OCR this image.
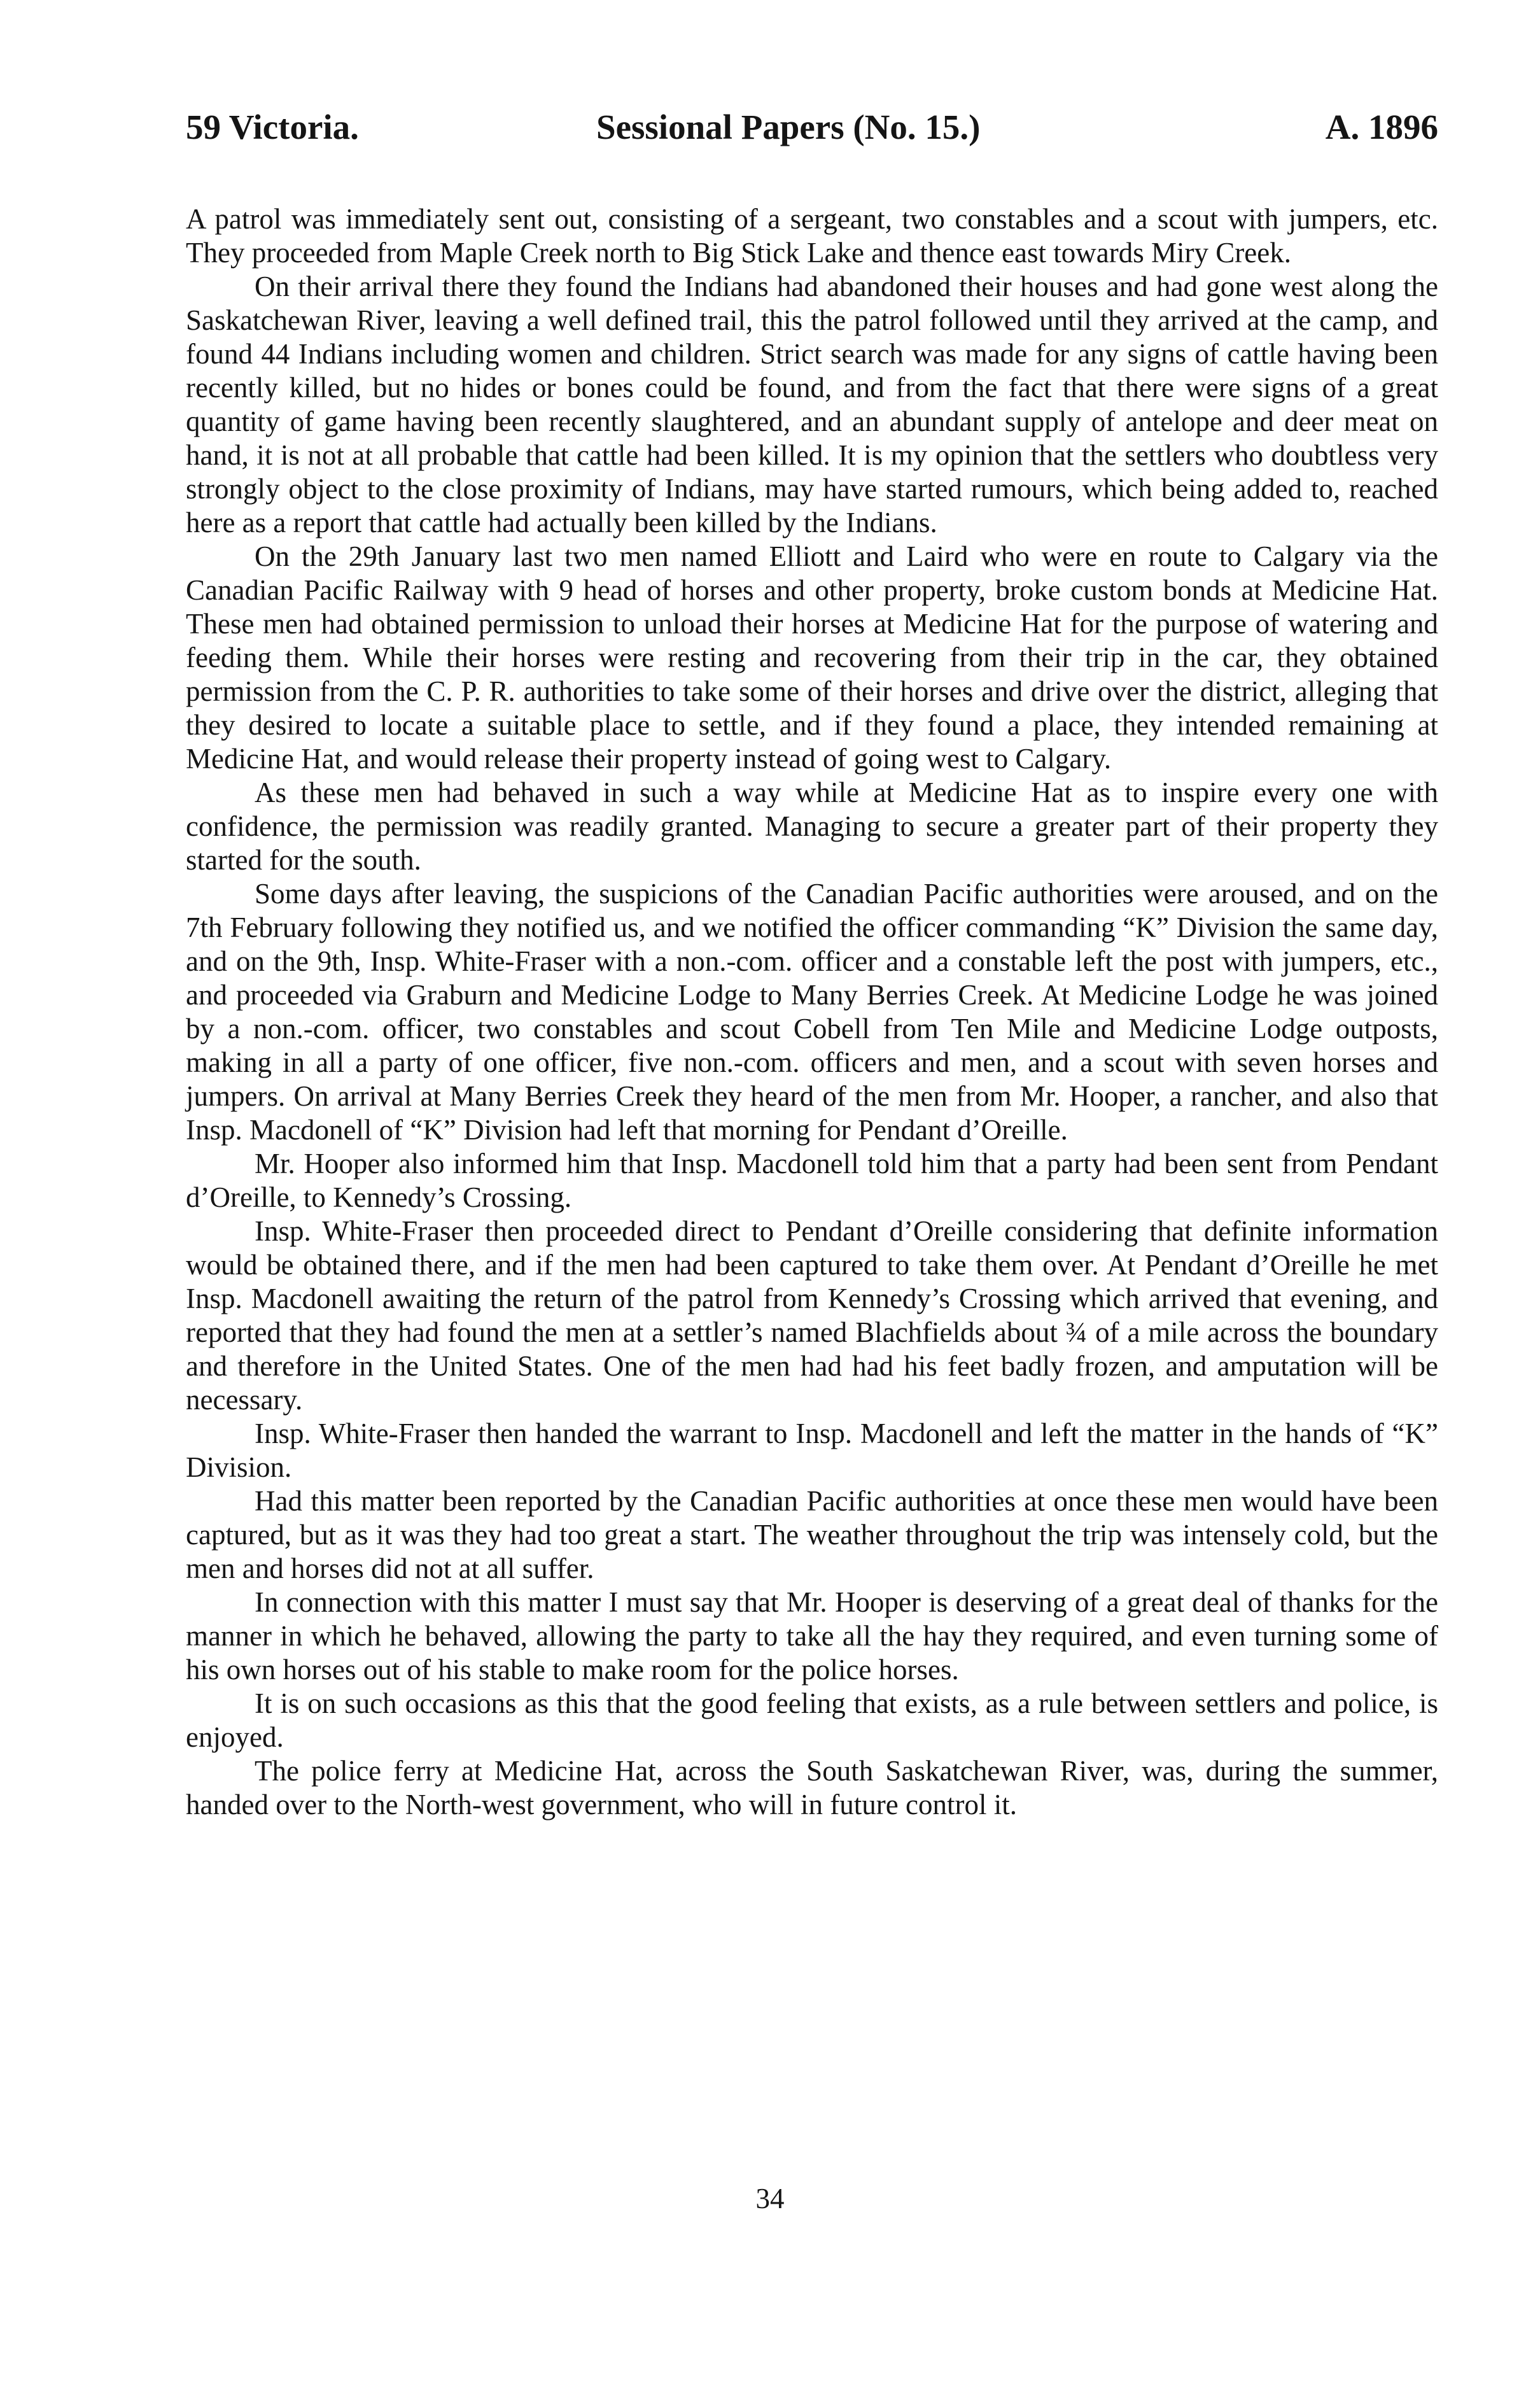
59 Victoria.	Sessional Papers (No. 15.)	A. 1896

A patrol was immediately sent out, consisting of a sergeant, two constables and a scout with jumpers, etc. They proceeded from Maple Creek north to Big Stick Lake and thence east towards Miry Creek.

On their arrival there they found the Indians had abandoned their houses and had gone west along the Saskatchewan River, leaving a well defined trail, this the patrol followed until they arrived at the camp, and found 44 Indians including women and children. Strict search was made for any signs of cattle having been recently killed, but no hides or bones could be found, and from the fact that there were signs of a great quantity of game having been recently slaughtered, and an abundant supply of antelope and deer meat on hand, it is not at all probable that cattle had been killed. It is my opinion that the settlers who doubtless very strongly object to the close proximity of Indians, may have started rumours, which being added to, reached here as a report that cattle had actually been killed by the Indians.

On the 29th January last two men named Elliott and Laird who were en route to Calgary via the Canadian Pacific Railway with 9 head of horses and other property, broke custom bonds at Medicine Hat. These men had obtained permission to unload their horses at Medicine Hat for the purpose of watering and feeding them. While their horses were resting and recovering from their trip in the car, they obtained permission from the C. P. R. authorities to take some of their horses and drive over the district, alleging that they desired to locate a suitable place to settle, and if they found a place, they intended remaining at Medicine Hat, and would release their property instead of going west to Calgary.

As these men had behaved in such a way while at Medicine Hat as to inspire every one with confidence, the permission was readily granted. Managing to secure a greater part of their property they started for the south.

Some days after leaving, the suspicions of the Canadian Pacific authorities were aroused, and on the 7th February following they notified us, and we notified the officer commanding “K” Division the same day, and on the 9th, Insp. White-Fraser with a non.-com. officer and a constable left the post with jumpers, etc., and proceeded via Graburn and Medicine Lodge to Many Berries Creek. At Medicine Lodge he was joined by a non.-com. officer, two constables and scout Cobell from Ten Mile and Medicine Lodge outposts, making in all a party of one officer, five non.-com. officers and men, and a scout with seven horses and jumpers. On arrival at Many Berries Creek they heard of the men from Mr. Hooper, a rancher, and also that Insp. Macdonell of “K” Division had left that morning for Pendant d’Oreille.

Mr. Hooper also informed him that Insp. Macdonell told him that a party had been sent from Pendant d’Oreille, to Kennedy’s Crossing.

Insp. White-Fraser then proceeded direct to Pendant d’Oreille considering that definite information would be obtained there, and if the men had been captured to take them over. At Pendant d’Oreille he met Insp. Macdonell awaiting the return of the patrol from Kennedy’s Crossing which arrived that evening, and reported that they had found the men at a settler’s named Blachfields about ¾ of a mile across the boundary and therefore in the United States. One of the men had had his feet badly frozen, and amputation will be necessary.

Insp. White-Fraser then handed the warrant to Insp. Macdonell and left the matter in the hands of “K” Division.

Had this matter been reported by the Canadian Pacific authorities at once these men would have been captured, but as it was they had too great a start. The weather throughout the trip was intensely cold, but the men and horses did not at all suffer.

In connection with this matter I must say that Mr. Hooper is deserving of a great deal of thanks for the manner in which he behaved, allowing the party to take all the hay they required, and even turning some of his own horses out of his stable to make room for the police horses.

It is on such occasions as this that the good feeling that exists, as a rule between settlers and police, is enjoyed.

The police ferry at Medicine Hat, across the South Saskatchewan River, was, during the summer, handed over to the North-west government, who will in future control it.

34
